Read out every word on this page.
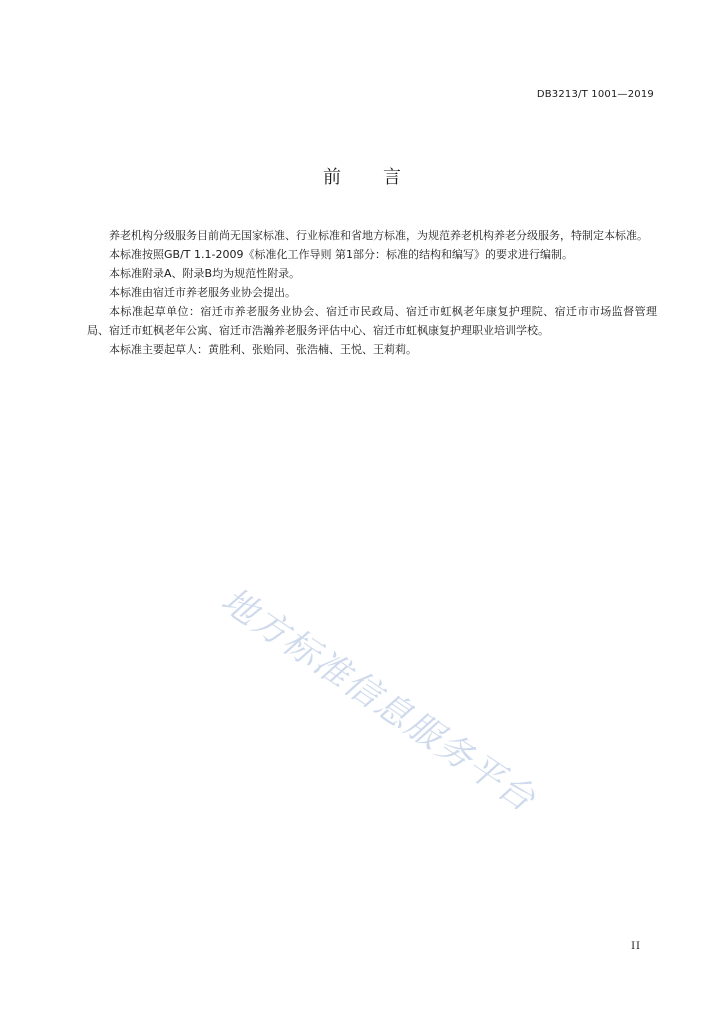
DB3213/T 1001—2019
前 言

养老机构分级服务目前尚无国家标准、行业标准和省地方标准，为规范养老机构养老分级服务，特制定本标准。

本标准按照GB/T 1.1-2009《标准化工作导则 第1部分：标准的结构和编写》的要求进行编制。

本标准附录A、附录B均为规范性附录。

本标准由宿迁市养老服务业协会提出。

本标准起草单位：宿迁市养老服务业协会、宿迁市民政局、宿迁市虹枫老年康复护理院、宿迁市市场监督管理局、宿迁市虹枫老年公寓、宿迁市浩瀚养老服务评估中心、宿迁市虹枫康复护理职业培训学校。

本标准主要起草人：黄胜利、张贻同、张浩楠、王悦、王莉莉。

地方标准信息服务平台
II
